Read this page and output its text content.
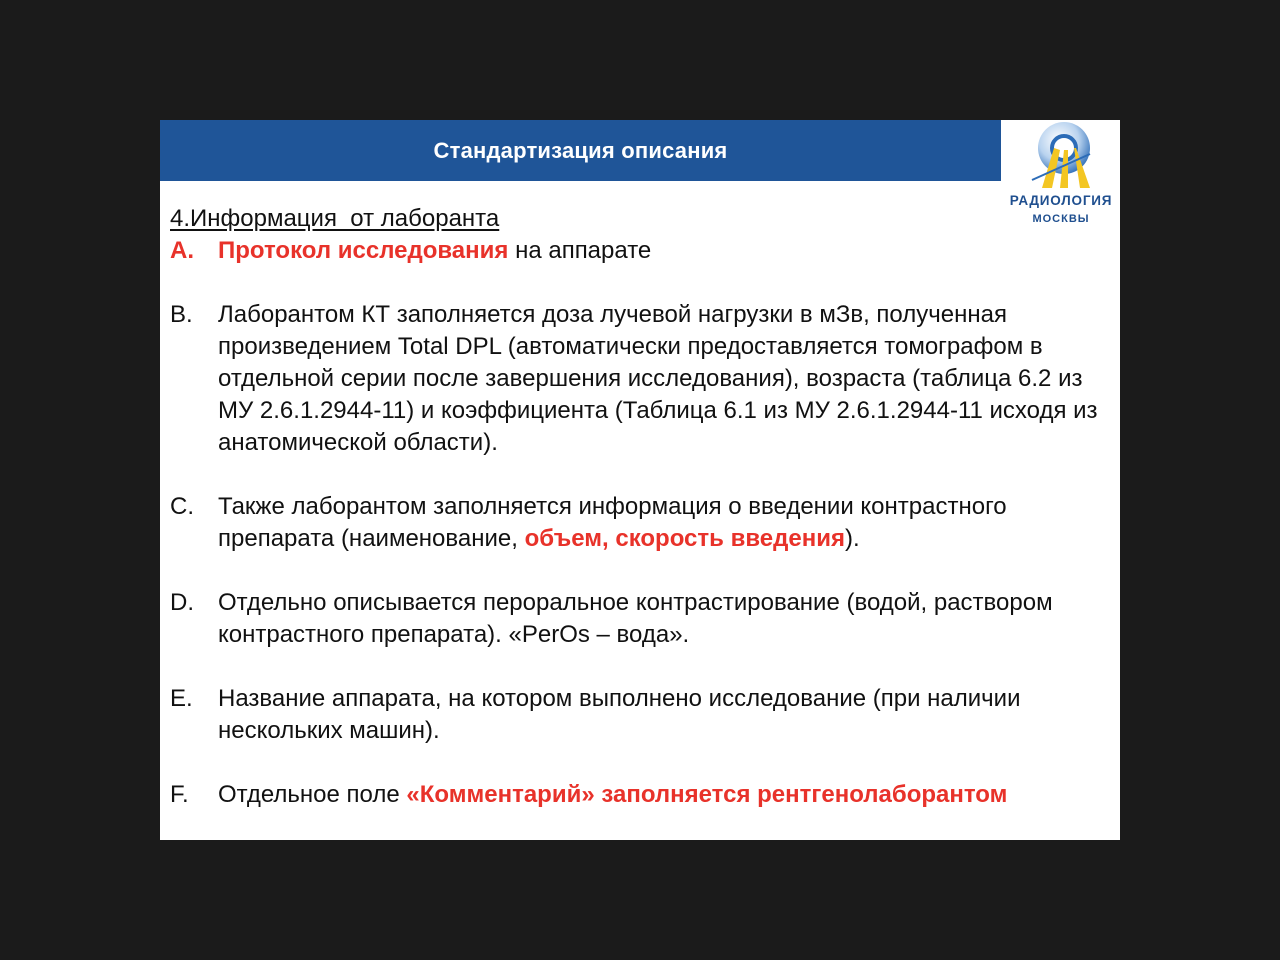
Стандартизация описания
РАДИОЛОГИЯ
МОСКВЫ
4.Информация  от лаборанта
A.	Протокол исследования на аппарате
B.	Лаборантом КТ заполняется доза лучевой нагрузки в мЗв, полученная произведением Total DPL (автоматически предоставляется томографом в отдельной серии после завершения исследования), возраста (таблица 6.2 из МУ 2.6.1.2944-11) и коэффициента (Таблица 6.1 из МУ 2.6.1.2944-11 исходя из анатомической области).
C.	Также лаборантом заполняется информация о введении контрастного препарата (наименование, объем, скорость введения).
D.	Отдельно описывается пероральное контрастирование (водой, раствором контрастного препарата). «PerOs – вода».
E.	Название аппарата, на котором выполнено исследование (при наличии нескольких машин).
F.	Отдельное поле «Комментарий» заполняется рентгенолаборантом
